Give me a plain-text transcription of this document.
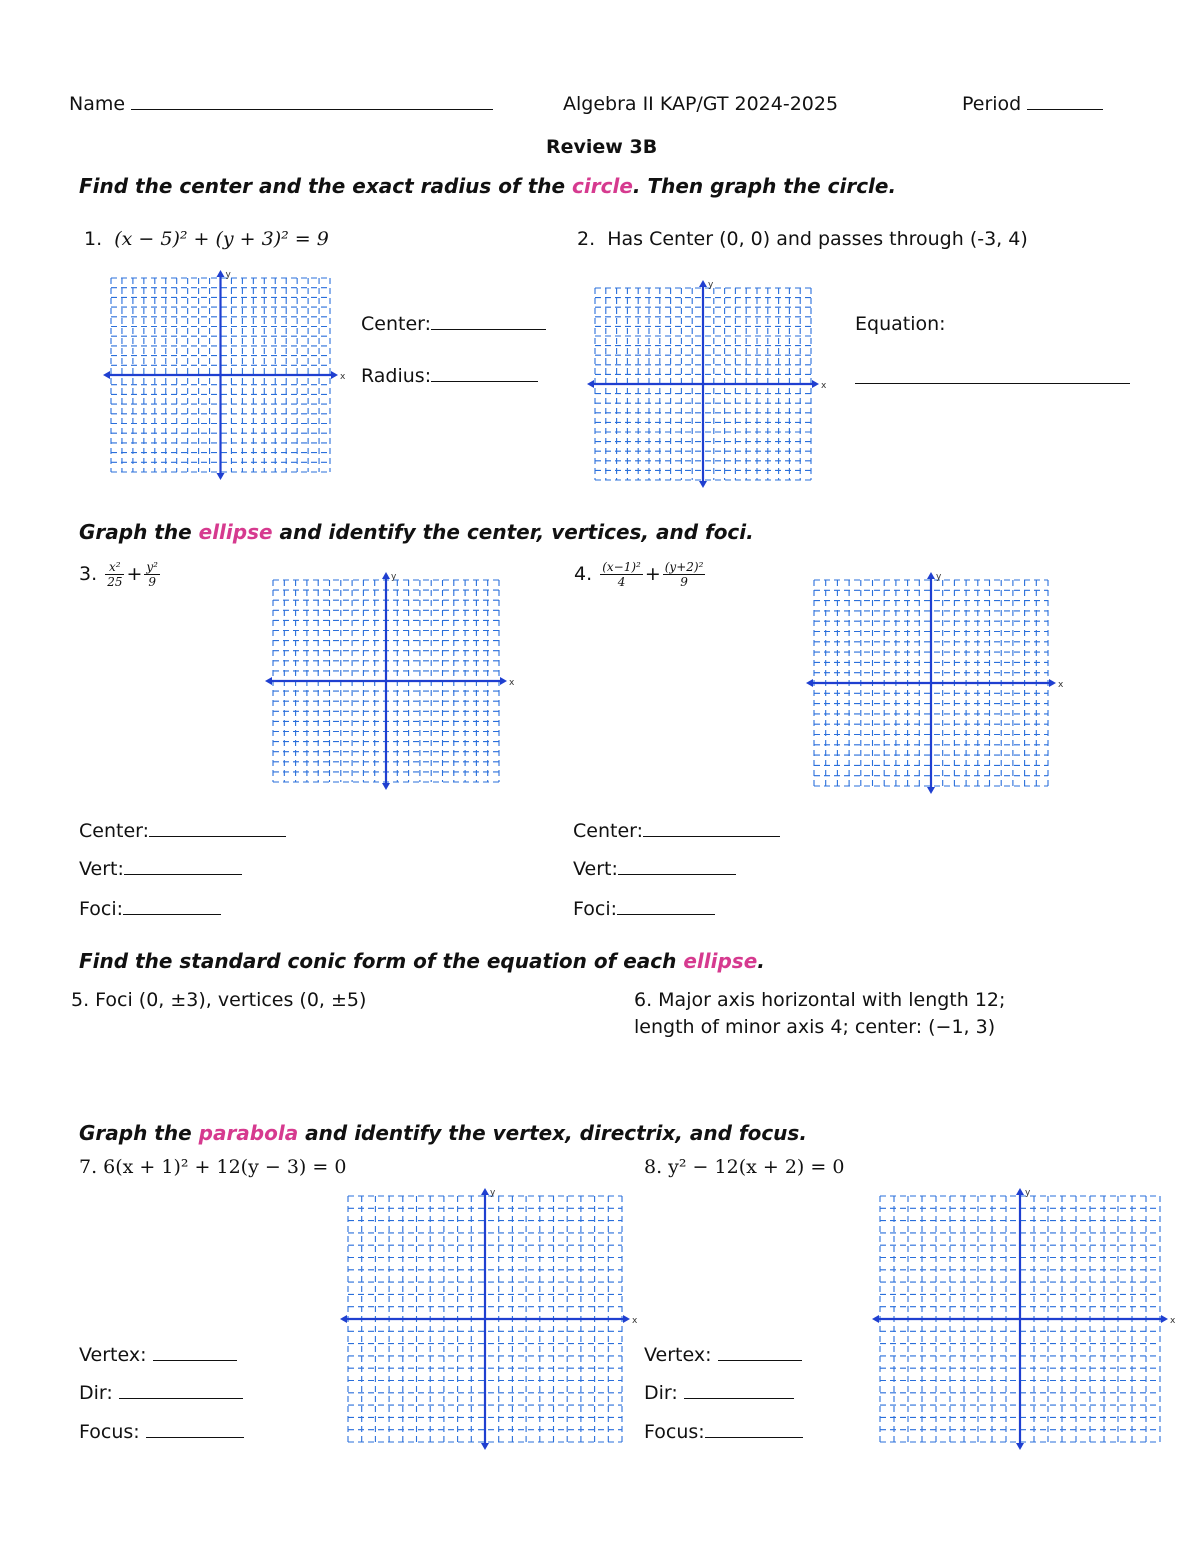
Name	Algebra II KAP/GT 2024-2025	Period
Review 3B
Find the center and the exact radius of the circle. Then graph the circle.
1. (x − 5)² + (y + 3)² = 9	2. Has Center (0, 0) and passes through (-3, 4)
x
y
Center:
Radius:	x
y
Equation:
Graph the ellipse and identify the center, vertices, and foci.
3. $\frac{\text{x²}}{25} + \frac{\text{y²}}{9}$	4. $\frac{\text{(x−1)²}}{4} + \frac{\text{(y+2)²}}{9}$
x
y
x
y
Center:
Vert:
Foci:
Center:
Vert:
Foci:
Find the standard conic form of the equation of each ellipse.
5. Foci (0, ±3), vertices (0, ±5)	6. Major axis horizontal with length 12;
length of minor axis 4; center: (−1, 3)
Graph the parabola and identify the vertex, directrix, and focus.
7. 6(x + 1)² + 12(y − 3) = 0	8. y² − 12(x + 2) = 0
x
y
x
y
Vertex:
Dir:
Focus:
Vertex:
Dir:
Focus:
